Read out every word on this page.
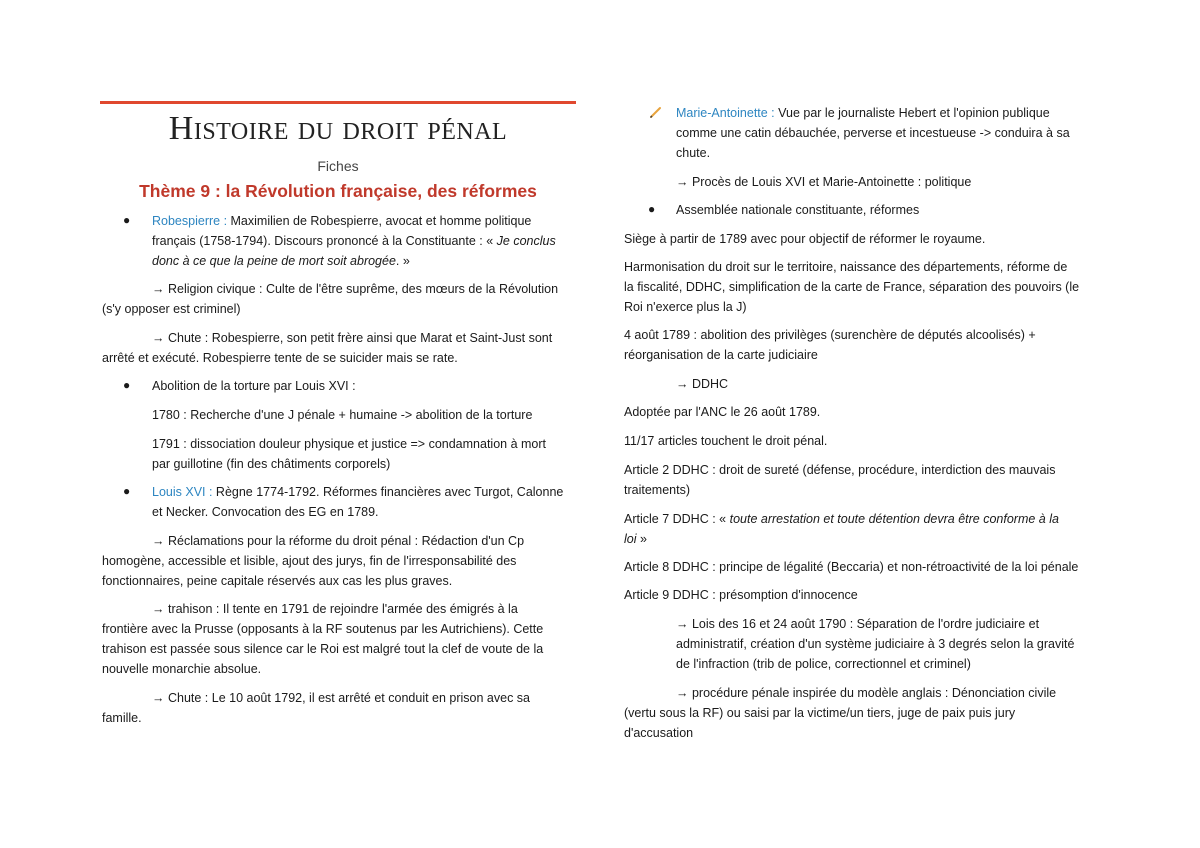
Histoire du droit pénal
Fiches
Thème 9 : la Révolution française, des réformes
● Robespierre : Maximilien de Robespierre, avocat et homme politique

français (1758-1794). Discours prononcé à la Constituante : « Je conclus

donc à ce que la peine de mort soit abrogée. »

→ Religion civique : Culte de l'être suprême, des mœurs de la Révolution

(s'y opposer est criminel)

→ Chute : Robespierre, son petit frère ainsi que Marat et Saint-Just sont

arrêté et exécuté. Robespierre tente de se suicider mais se rate.

● Abolition de la torture par Louis XVI :

1780 : Recherche d'une J pénale + humaine -> abolition de la torture

1791 : dissociation douleur physique et justice => condamnation à mort

par guillotine (fin des châtiments corporels)

● Louis XVI : Règne 1774-1792. Réformes financières avec Turgot, Calonne

et Necker. Convocation des EG en 1789.

→ Réclamations pour la réforme du droit pénal : Rédaction d'un Cp

homogène, accessible et lisible, ajout des jurys, fin de l'irresponsabilité des

fonctionnaires, peine capitale réservés aux cas les plus graves.

→ trahison : Il tente en 1791 de rejoindre l'armée des émigrés à la

frontière avec la Prusse (opposants à la RF soutenus par les Autrichiens). Cette

trahison est passée sous silence car le Roi est malgré tout la clef de voute de la

nouvelle monarchie absolue.

→ Chute : Le 10 août 1792, il est arrêté et conduit en prison avec sa

famille.

Marie-Antoinette : Vue par le journaliste Hebert et l'opinion publique

comme une catin débauchée, perverse et incestueuse -> conduira à sa

chute.

→ Procès de Louis XVI et Marie-Antoinette : politique

● Assemblée nationale constituante, réformes

Siège à partir de 1789 avec pour objectif de réformer le royaume.

Harmonisation du droit sur le territoire, naissance des départements, réforme de

la fiscalité, DDHC, simplification de la carte de France, séparation des pouvoirs (le

Roi n'exerce plus la J)

4 août 1789 : abolition des privilèges (surenchère de députés alcoolisés) +

réorganisation de la carte judiciaire

→ DDHC

Adoptée par l'ANC le 26 août 1789.

11/17 articles touchent le droit pénal.

Article 2 DDHC : droit de sureté (défense, procédure, interdiction des mauvais

traitements)

Article 7 DDHC : « toute arrestation et toute détention devra être conforme à la

loi »

Article 8 DDHC : principe de légalité (Beccaria) et non-rétroactivité de la loi pénale

Article 9 DDHC : présomption d'innocence

→ Lois des 16 et 24 août 1790 : Séparation de l'ordre judiciaire et

administratif, création d'un système judiciaire à 3 degrés selon la gravité

de l'infraction (trib de police, correctionnel et criminel)

→ procédure pénale inspirée du modèle anglais : Dénonciation civile

(vertu sous la RF) ou saisi par la victime/un tiers, juge de paix puis jury

d'accusation
